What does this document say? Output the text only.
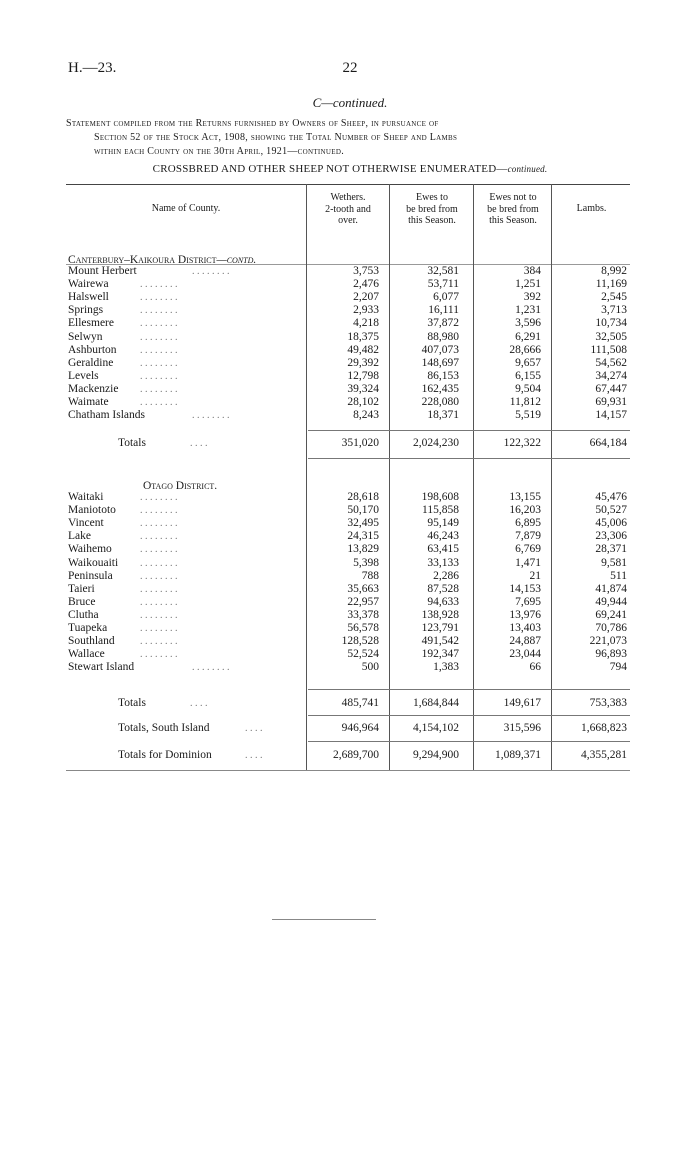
H.—23.	22
C—continued.
Statement compiled from the Returns furnished by Owners of Sheep, in pursuance of
Section 52 of the Stock Act, 1908, showing the Total Number of Sheep and Lambs
within each County on the 30th April, 1921—continued.
CROSSBRED AND OTHER SHEEP NOT OTHERWISE ENUMERATED—continued.
Name of County.
Wethers.
2-tooth and
over.
Ewes to
be bred from
this Season.
Ewes not to
be bred from
this Season.
Lambs.
Canterbury–Kaikoura District—contd.
Mount Herbert	. . . . . . . .	3,753	32,581	384	8,992
Wairewa	. . . . . . . .	2,476	53,711	1,251	11,169
Halswell	. . . . . . . .	2,207	6,077	392	2,545
Springs	. . . . . . . .	2,933	16,111	1,231	3,713
Ellesmere	. . . . . . . .	4,218	37,872	3,596	10,734
Selwyn	. . . . . . . .	18,375	88,980	6,291	32,505
Ashburton . . . . . . . .	49,482	407,073	28,666	111,508
Geraldine	. . . . . . . .	29,392	148,697	9,657	54,562
Levels	. . . . . . . .	12,798	86,153	6,155	34,274
Mackenzie . . . . . . . .	39,324	162,435	9,504	67,447
Waimate	. . . . . . . .	28,102	228,080	11,812	69,931
Chatham Islands	. . . . . . . .	8,243	18,371	5,519	14,157
Totals	. . . .	351,020	2,024,230	122,322	664,184
Otago District.
Waitaki	. . . . . . . .	28,618	198,608	13,155	45,476
Maniototo . . . . . . . .	50,170	115,858	16,203	50,527
Vincent	. . . . . . . .	32,495	95,149	6,895	45,006
Lake	. . . . . . . .	24,315	46,243	7,879	23,306
Waihemo	. . . . . . . .	13,829	63,415	6,769	28,371
Waikouaiti . . . . . . . .	5,398	33,133	1,471	9,581
Peninsula	. . . . . . . .	788	2,286	21	511
Taieri	. . . . . . . .	35,663	87,528	14,153	41,874
Bruce	. . . . . . . .	22,957	94,633	7,695	49,944
Clutha	. . . . . . . .	33,378	138,928	13,976	69,241
Tuapeka	. . . . . . . .	56,578	123,791	13,403	70,786
Southland	. . . . . . . .	128,528	491,542	24,887	221,073
Wallace	. . . . . . . .	52,524	192,347	23,044	96,893
Stewart Island	. . . . . . . .	500	1,383	66	794
Totals	. . . .	485,741	1,684,844	149,617	753,383
Totals, South Island	. . . .	946,964	4,154,102	315,596	1,668,823
Totals for Dominion	. . . .	2,689,700	9,294,900	1,089,371	4,355,281
